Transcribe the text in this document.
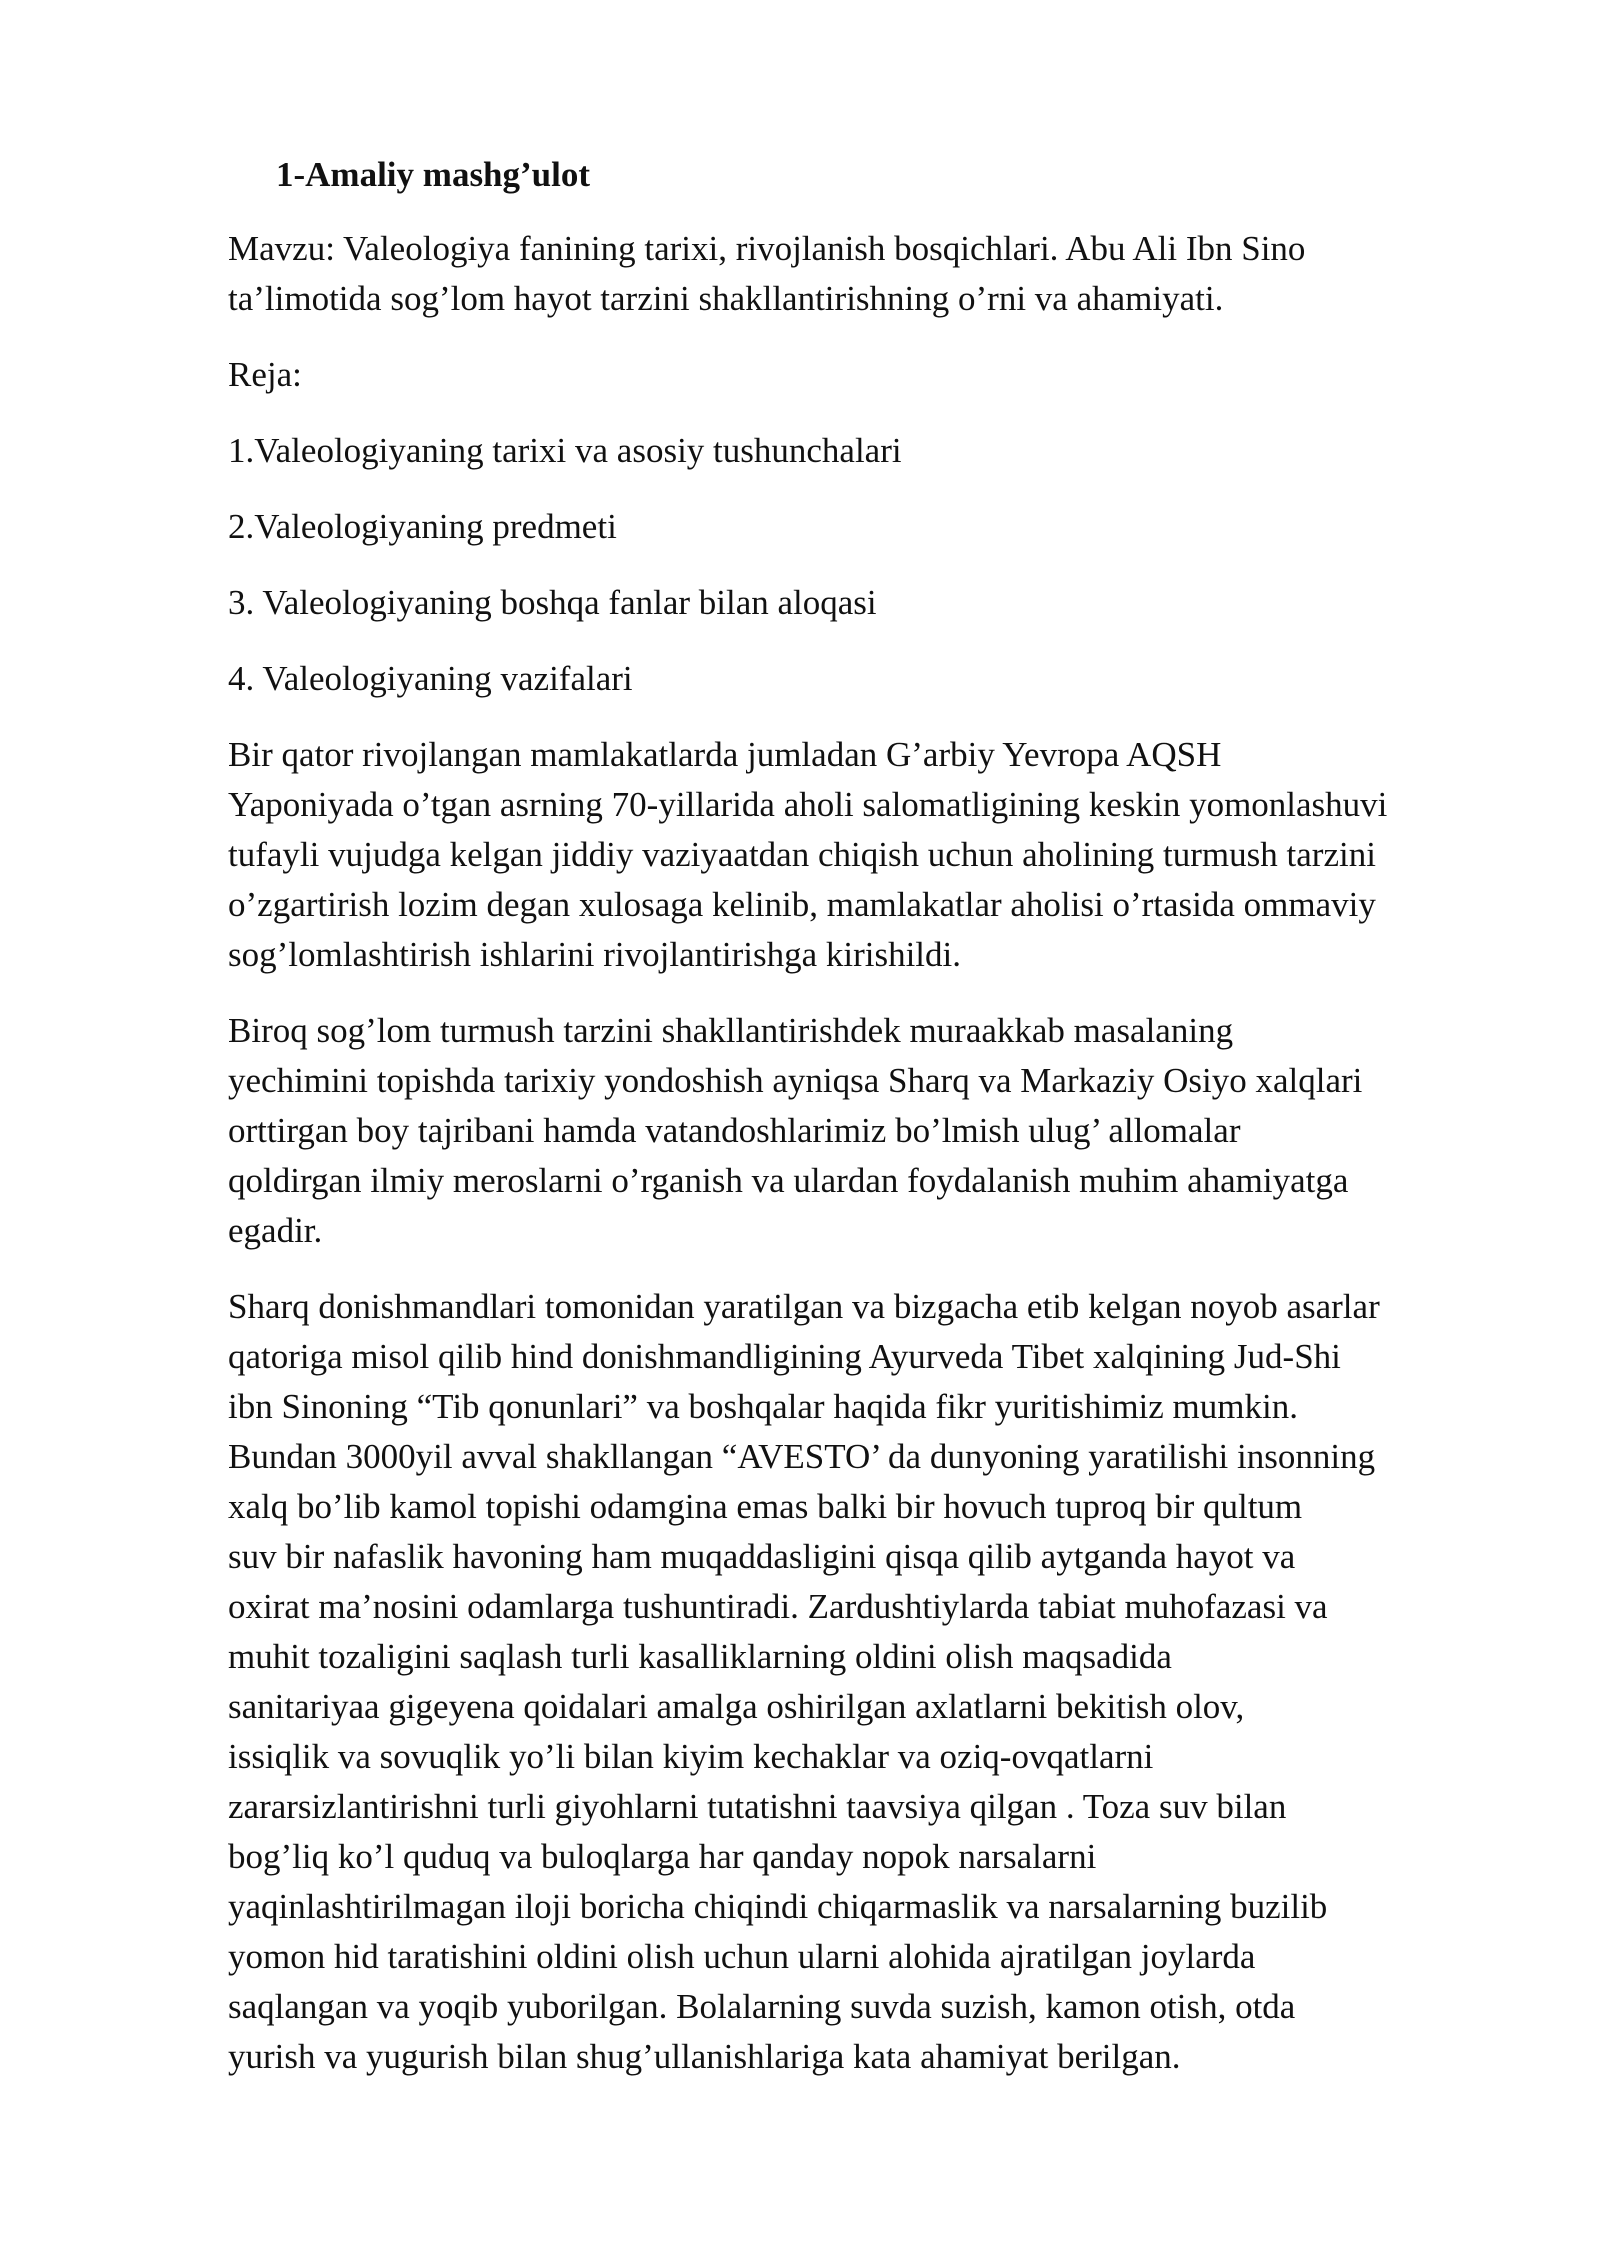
1-Amaliy mashg’ulot

Mavzu: Valeologiya fanining tarixi, rivojlanish bosqichlari. Abu Ali Ibn Sino
ta’limotida sog’lom hayot tarzini shakllantirishning o’rni va ahamiyati.

Reja:

1.Valeologiyaning tarixi va asosiy tushunchalari
2.Valeologiyaning predmeti
3. Valeologiyaning boshqa fanlar bilan aloqasi
4. Valeologiyaning vazifalari

Bir qator rivojlangan mamlakatlarda jumladan G’arbiy Yevropa AQSH
Yaponiyada o’tgan asrning 70-yillarida aholi salomatligining keskin yomonlashuvi
tufayli vujudga kelgan jiddiy vaziyaatdan chiqish uchun aholining turmush tarzini
o’zgartirish lozim degan xulosaga kelinib, mamlakatlar aholisi o’rtasida ommaviy
sog’lomlashtirish ishlarini rivojlantirishga kirishildi.

Biroq sog’lom turmush tarzini shakllantirishdek muraakkab masalaning
yechimini topishda tarixiy yondoshish ayniqsa Sharq va Markaziy Osiyo xalqlari
orttirgan boy tajribani hamda vatandoshlarimiz bo’lmish ulug’ allomalar
qoldirgan ilmiy meroslarni o’rganish va ulardan foydalanish muhim ahamiyatga
egadir.

Sharq donishmandlari tomonidan yaratilgan va bizgacha etib kelgan noyob asarlar
qatoriga misol qilib hind donishmandligining Ayurveda Tibet xalqining Jud-Shi
ibn Sinoning “Tib qonunlari” va boshqalar haqida fikr yuritishimiz mumkin.
Bundan 3000yil avval shakllangan “AVESTO’ da dunyoning yaratilishi insonning
xalq bo’lib kamol topishi odamgina emas balki bir hovuch tuproq bir qultum
suv bir nafaslik havoning ham muqaddasligini qisqa qilib aytganda hayot va
oxirat ma’nosini odamlarga tushuntiradi. Zardushtiylarda tabiat muhofazasi va
muhit tozaligini saqlash turli kasalliklarning oldini olish maqsadida
sanitariyaa gigeyena qoidalari amalga oshirilgan axlatlarni bekitish olov,
issiqlik va sovuqlik yo’li bilan kiyim kechaklar va oziq-ovqatlarni
zararsizlantirishni turli giyohlarni tutatishni taavsiya qilgan . Toza suv bilan
bog’liq ko’l quduq va buloqlarga har qanday nopok narsalarni
yaqinlashtirilmagan iloji boricha chiqindi chiqarmaslik va narsalarning buzilib
yomon hid taratishini oldini olish uchun ularni alohida ajratilgan joylarda
saqlangan va yoqib yuborilgan. Bolalarning suvda suzish, kamon otish, otda
yurish va yugurish bilan shug’ullanishlariga kata ahamiyat berilgan.
